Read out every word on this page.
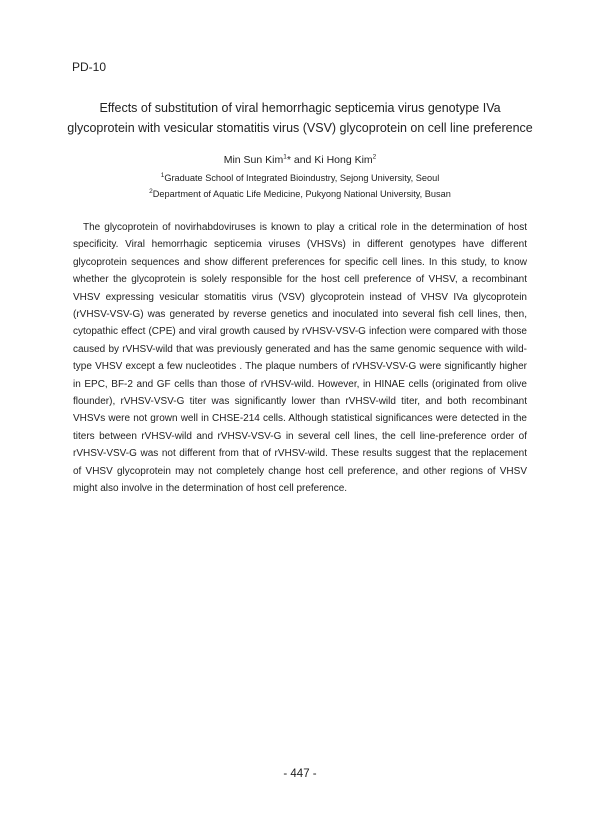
PD-10
Effects of substitution of viral hemorrhagic septicemia virus genotype IVa
glycoprotein with vesicular stomatitis virus (VSV) glycoprotein on cell line preference
Min Sun Kim$^1$* and Ki Hong Kim$^2$
$^1$Graduate School of Integrated Bioindustry, Sejong University, Seoul
$^2$Department of Aquatic Life Medicine, Pukyong National University, Busan

The glycoprotein of novirhabdoviruses is known to play a critical role in the determination of host specificity. Viral hemorrhagic septicemia viruses (VHSVs) in different genotypes have different glycoprotein sequences and show different preferences for specific cell lines. In this study, to know whether the glycoprotein is solely responsible for the host cell preference of VHSV, a recombinant VHSV expressing vesicular stomatitis virus (VSV) glycoprotein instead of VHSV IVa glycoprotein (rVHSV-VSV-G) was generated by reverse genetics and inoculated into several fish cell lines, then, cytopathic effect (CPE) and viral growth caused by rVHSV-VSV-G infection were compared with those caused by rVHSV-wild that was previously generated and has the same genomic sequence with wild-type VHSV except a few nucleotides . The plaque numbers of rVHSV-VSV-G were significantly higher in EPC, BF-2 and GF cells than those of rVHSV-wild. However, in HINAE cells (originated from olive flounder), rVHSV-VSV-G titer was significantly lower than rVHSV-wild titer, and both recombinant VHSVs were not grown well in CHSE-214 cells. Although statistical significances were detected in the titers between rVHSV-wild and rVHSV-VSV-G in several cell lines, the cell line-preference order of rVHSV-VSV-G was not different from that of rVHSV-wild. These results suggest that the replacement of VHSV glycoprotein may not completely change host cell preference, and other regions of VHSV might also involve in the determination of host cell preference.

- 447 -
